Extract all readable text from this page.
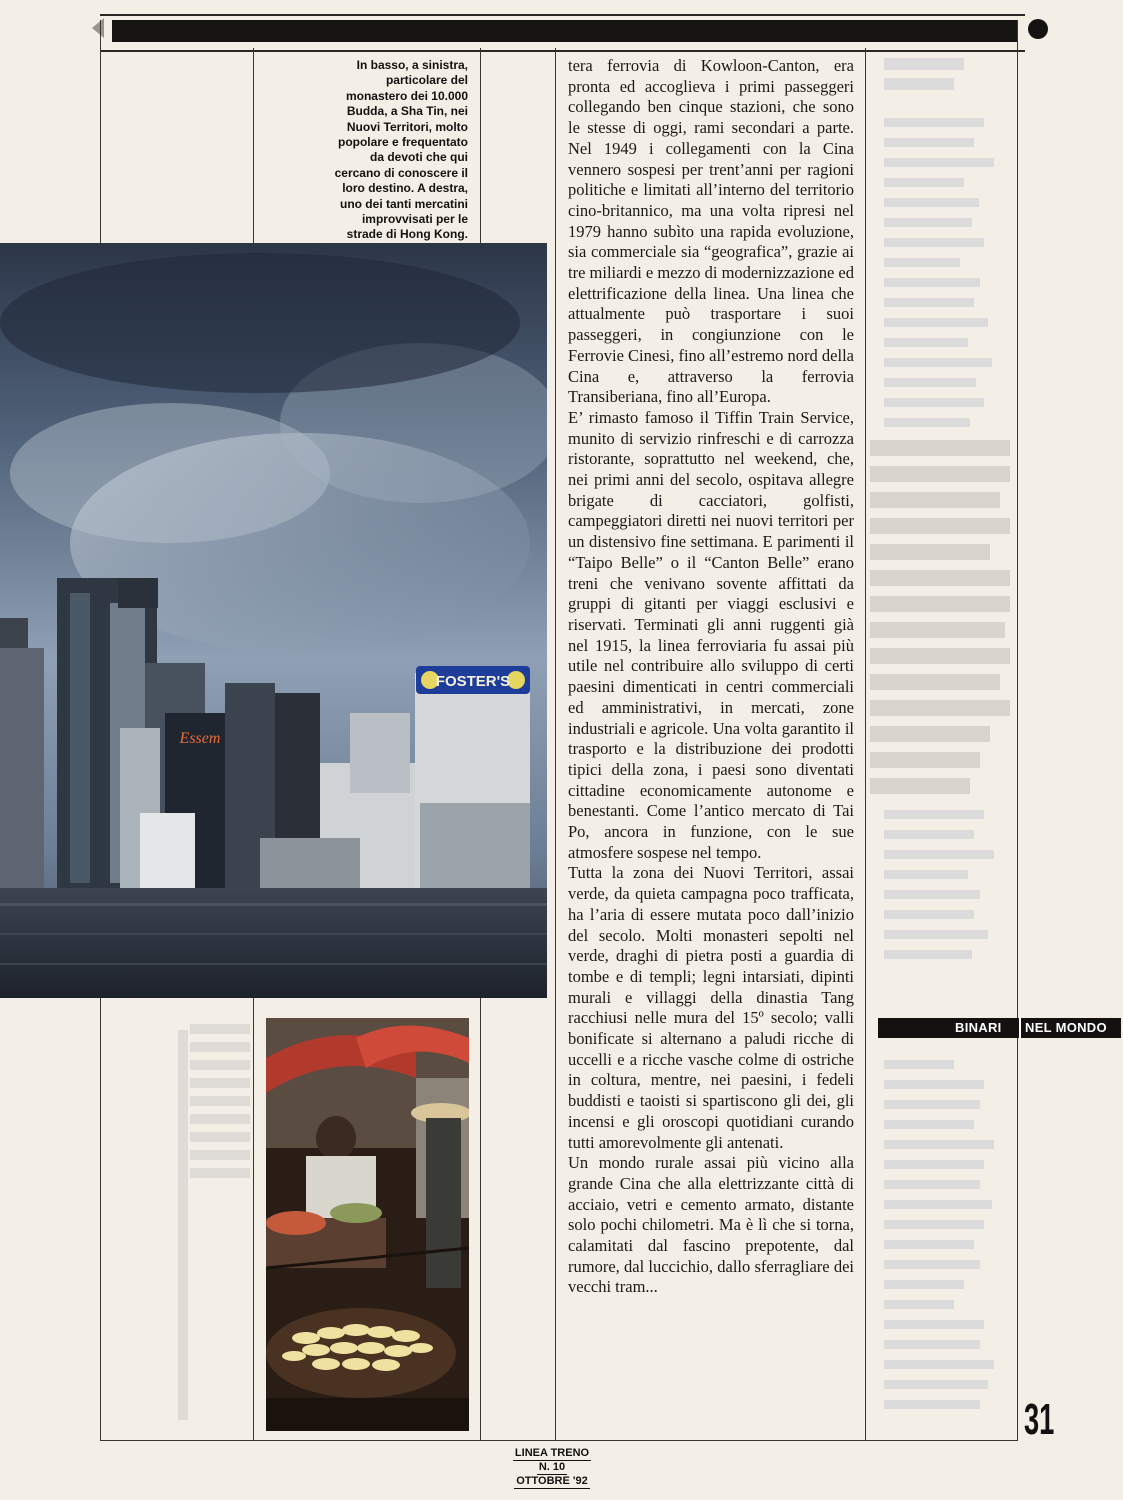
In basso, a sinistra,
particolare del
monastero dei 10.000
Budda, a Sha Tin, nei
Nuovi Territori, molto
popolare e frequentato
da devoti che qui
cercano di conoscere il
loro destino. A destra,
uno dei tanti mercatini
improvvisati per le
strade di Hong Kong.
FOSTER'S
Essem

tera ferrovia di Kowloon-Canton, era pronta ed accoglieva i primi passeggeri collegando ben cinque stazioni, che sono le stesse di oggi, rami secondari a parte. Nel 1949 i collegamenti con la Cina vennero sospesi per trent’anni per ragioni politiche e limitati all’interno del territorio cino-britannico, ma una volta ripresi nel 1979 hanno subìto una rapida evoluzione, sia commerciale sia “geografica”, grazie ai tre miliardi e mezzo di modernizzazione ed elettrificazione della linea. Una linea che attualmente può trasportare i suoi passeggeri, in congiunzione con le Ferrovie Cinesi, fino all’estremo nord della Cina e, attraverso la ferrovia Transiberiana, fino all’Europa.

E’ rimasto famoso il Tiffin Train Service, munito di servizio rinfreschi e di carrozza ristorante, soprattutto nel weekend, che, nei primi anni del secolo, ospitava allegre brigate di cacciatori, golfisti, campeggiatori diretti nei nuovi territori per un distensivo fine settimana. E parimenti il “Taipo Belle” o il “Canton Belle” erano treni che venivano sovente affittati da gruppi di gitanti per viaggi esclusivi e riservati. Terminati gli anni ruggenti già nel 1915, la linea ferroviaria fu assai più utile nel contribuire allo sviluppo di certi paesini dimenticati in centri commerciali ed amministrativi, in mercati, zone industriali e agricole. Una volta garantito il trasporto e la distribuzione dei prodotti tipici della zona, i paesi sono diventati cittadine economicamente autonome e benestanti. Come l’antico mercato di Tai Po, ancora in funzione, con le sue atmosfere sospese nel tempo.

Tutta la zona dei Nuovi Territori, assai verde, da quieta campagna poco trafficata, ha l’aria di essere mutata poco dall’inizio del secolo. Molti monasteri sepolti nel verde, draghi di pietra posti a guardia di tombe e di templi; legni intarsiati, dipinti murali e villaggi della dinastia Tang racchiusi nelle mura del 15º secolo; valli bonificate si alternano a paludi ricche di uccelli e a ricche vasche colme di ostriche in coltura, mentre, nei paesini, i fedeli buddisti e taoisti si spartiscono gli dei, gli incensi e gli oroscopi quotidiani curando tutti amorevolmente gli antenati.

Un mondo rurale assai più vicino alla grande Cina che alla elettrizzante città di acciaio, vetri e cemento armato, distante solo pochi chilometri. Ma è lì che si torna, calamitati dal fascino prepotente, dal rumore, dal luccichio, dallo sferragliare dei vecchi tram...

BINARI NEL MONDO
31
LINEA TRENO
N. 10
OTTOBRE '92
